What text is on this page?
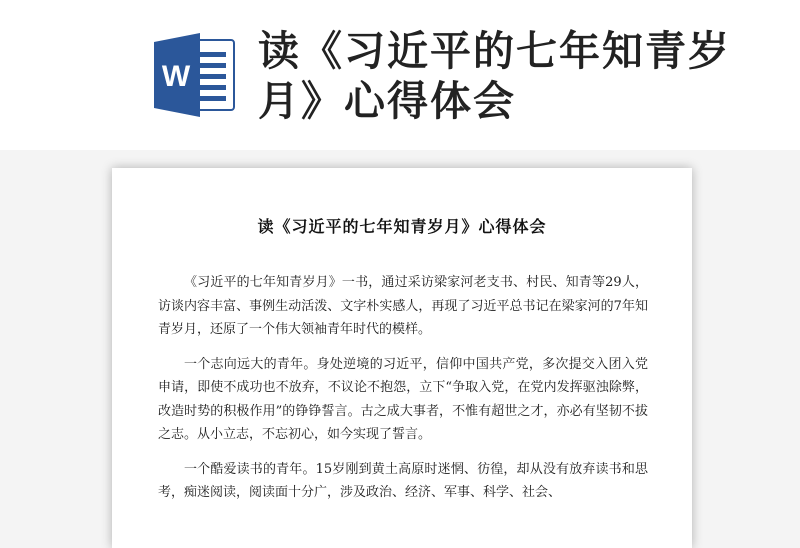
W
读《习近平的七年知青岁月》心得体会
读《习近平的七年知青岁月》心得体会

《习近平的七年知青岁月》一书，通过采访梁家河老支书、村民、知青等29人，访谈内容丰富、事例生动活泼、文字朴实感人，再现了习近平总书记在梁家河的7年知青岁月，还原了一个伟大领袖青年时代的模样。

一个志向远大的青年。身处逆境的习近平，信仰中国共产党，多次提交入团入党申请，即使不成功也不放弃，不议论不抱怨，立下“争取入党，在党内发挥驱浊除弊，改造时势的积极作用”的铮铮誓言。古之成大事者，不惟有超世之才，亦必有坚韧不拔之志。从小立志，不忘初心，如今实现了誓言。

一个酷爱读书的青年。15岁刚到黄土高原时迷惘、彷徨，却从没有放弃读书和思考，痴迷阅读，阅读面十分广，涉及政治、经济、军事、科学、社会、
